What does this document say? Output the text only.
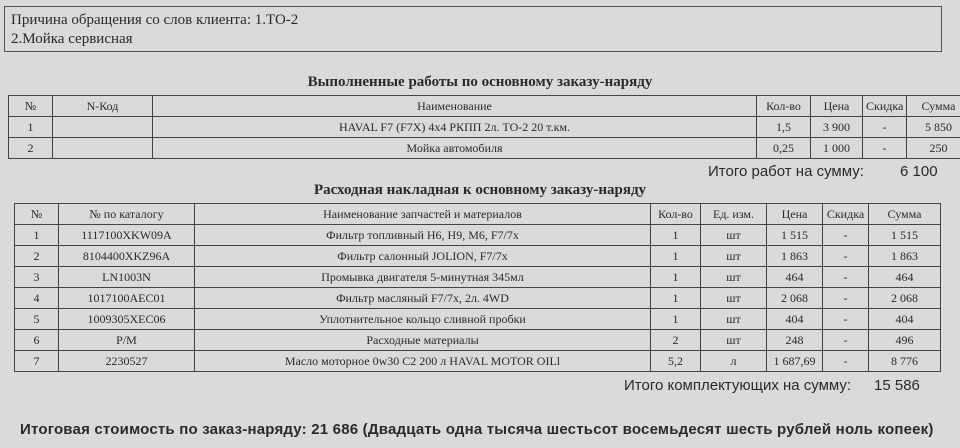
Причина обращения со слов клиента: 1.ТО-2
2.Мойка сервисная
Выполненные работы по основному заказу-наряду
№	N-Код	Наименование	Кол-во	Цена	Скидка	Сумма
1		HAVAL F7 (F7X) 4x4 РКПП 2л. ТО-2 20 т.км.	1,5	3 900	-	5 850
2		Мойка автомобиля	0,25	1 000	-	250
Итого работ на сумму: 6 100
Расходная накладная к основному заказу-наряду
№	№ по каталогу	Наименование запчастей и материалов	Кол-во	Ед. изм.	Цена	Скидка	Сумма
1	1117100XKW09A	Фильтр топливный Н6, Н9, М6, F7/7x	1	шт	1 515	-	1 515
2	8104400XKZ96A	Фильтр салонный JOLION, F7/7x	1	шт	1 863	-	1 863
3	LN1003N	Промывка двигателя 5-минутная 345мл	1	шт	464	-	464
4	1017100AEC01	Фильтр масляный F7/7x, 2л. 4WD	1	шт	2 068	-	2 068
5	1009305XEC06	Уплотнительное кольцо сливной пробки	1	шт	404	-	404
6	P/M	Расходные материалы	2	шт	248	-	496
7	2230527	Масло моторное 0w30 C2 200 л HAVAL MOTOR OILl	5,2	л	1 687,69	-	8 776
Итого комплектующих на сумму: 15 586
Итоговая стоимость по заказ-наряду: 21 686 (Двадцать одна тысяча шестьсот восемьдесят шесть рублей ноль копеек)
